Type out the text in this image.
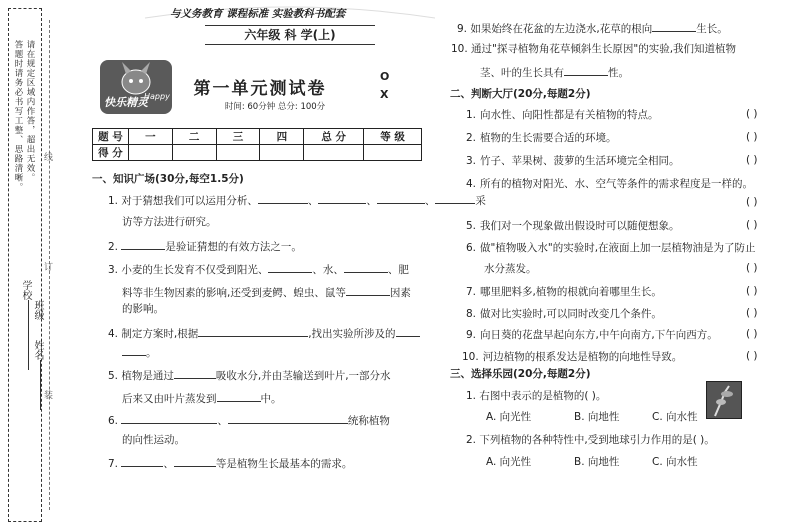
答题时请务必书写工整、思路清晰。 请在规定区域内作答，超出无效。 线
订
装
学校
班级
姓名
与义务教育 课程标准 实验教科书配套
六年级 科 学(上)
快乐精灵
Happy	第一单元测试卷
时间: 60分钟 总分: 100分
O
X
题 号	一	二	三	四	总 分	等 级
得 分						
一、知识广场(30分,每空1.5分)
1. 对于猜想我们可以运用分析、	、	、	、	采
访等方法进行研究。
2.	是验证猜想的有效方法之一。
3. 小麦的生长发育不仅受到阳光、	、水、	、肥
料等非生物因素的影响,还受到麦鳄、蝗虫、鼠等	因素
的影响。
4. 制定方案时,根据	,找出实验所涉及的
。
5. 植物是通过	吸收水分,并由茎输送到叶片,一部分水
后来又由叶片蒸发到	中。
6.	、	统称植物
的向性运动。
7.	、	等是植物生长最基本的需求。
9. 如果始终在花盆的左边浇水,花草的根向	生长。
10. 通过"探寻植物角花草倾斜生长原因"的实验,我们知道植物
茎、叶的生长具有	性。
二、判断大厅(20分,每题2分)
1. 向水性、向阳性都是有关植物的特点。	( )
2. 植物的生长需要合适的环境。	( )
3. 竹子、苹果树、菠萝的生活环境完全相同。	( )
4. 所有的植物对阳光、水、空气等条件的需求程度是一样的。
( )
5. 我们对一个现象做出假设时可以随便想象。	( )
6. 做"植物吸入水"的实验时,在液面上加一层植物油是为了防止
水分蒸发。	( )
7. 哪里肥料多,植物的根就向着哪里生长。	( )
8. 做对比实验时,可以同时改变几个条件。	( )
9. 向日葵的花盘早起向东方,中午向南方,下午向西方。	( )
10. 河边植物的根系发达是植物的向地性导致。	( )
三、选择乐园(20分,每题2分)
1. 右图中表示的是植物的( )。
A. 向光性	B. 向地性	C. 向水性
2. 下列植物的各种特性中,受到地球引力作用的是( )。
A. 向光性	B. 向地性	C. 向水性
